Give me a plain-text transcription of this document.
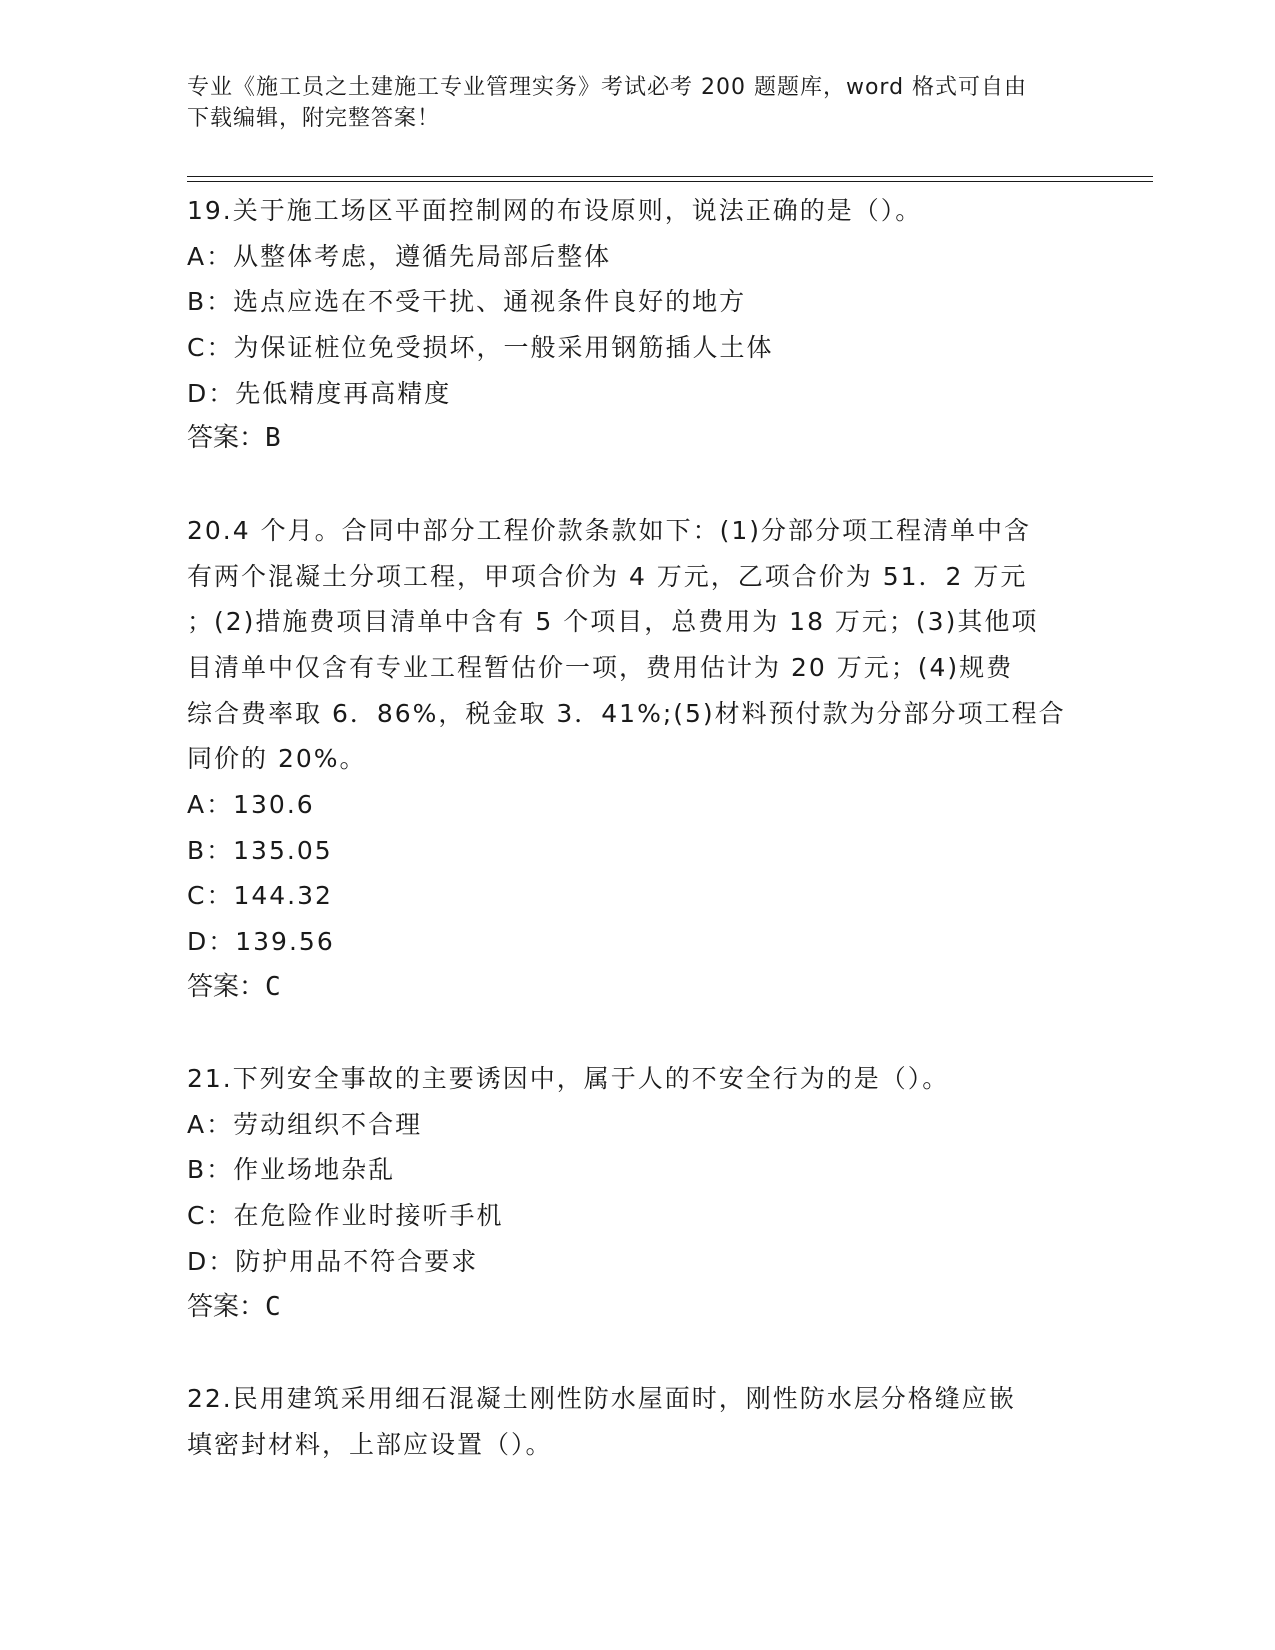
专业《施工员之土建施工专业管理实务》考试必考 200 题题库，word 格式可自由
下载编辑，附完整答案！
19.关于施工场区平面控制网的布设原则，说法正确的是（）。
A：从整体考虑，遵循先局部后整体
B：选点应选在不受干扰、通视条件良好的地方
C：为保证桩位免受损坏，一般采用钢筋插人土体
D：先低精度再高精度
答案：B
20.4 个月。合同中部分工程价款条款如下：(1)分部分项工程清单中含
有两个混凝土分项工程，甲项合价为 4 万元，乙项合价为 51．2 万元
；(2)措施费项目清单中含有 5 个项目，总费用为 18 万元；(3)其他项
目清单中仅含有专业工程暂估价一项，费用估计为 20 万元；(4)规费
综合费率取 6．86%，税金取 3．41%;(5)材料预付款为分部分项工程合
同价的 20%。
A：130.6
B：135.05
C：144.32
D：139.56
答案：C
21.下列安全事故的主要诱因中，属于人的不安全行为的是（）。
A：劳动组织不合理
B：作业场地杂乱
C：在危险作业时接听手机
D：防护用品不符合要求
答案：C
22.民用建筑采用细石混凝土刚性防水屋面时，刚性防水层分格缝应嵌
填密封材料，上部应设置（）。
